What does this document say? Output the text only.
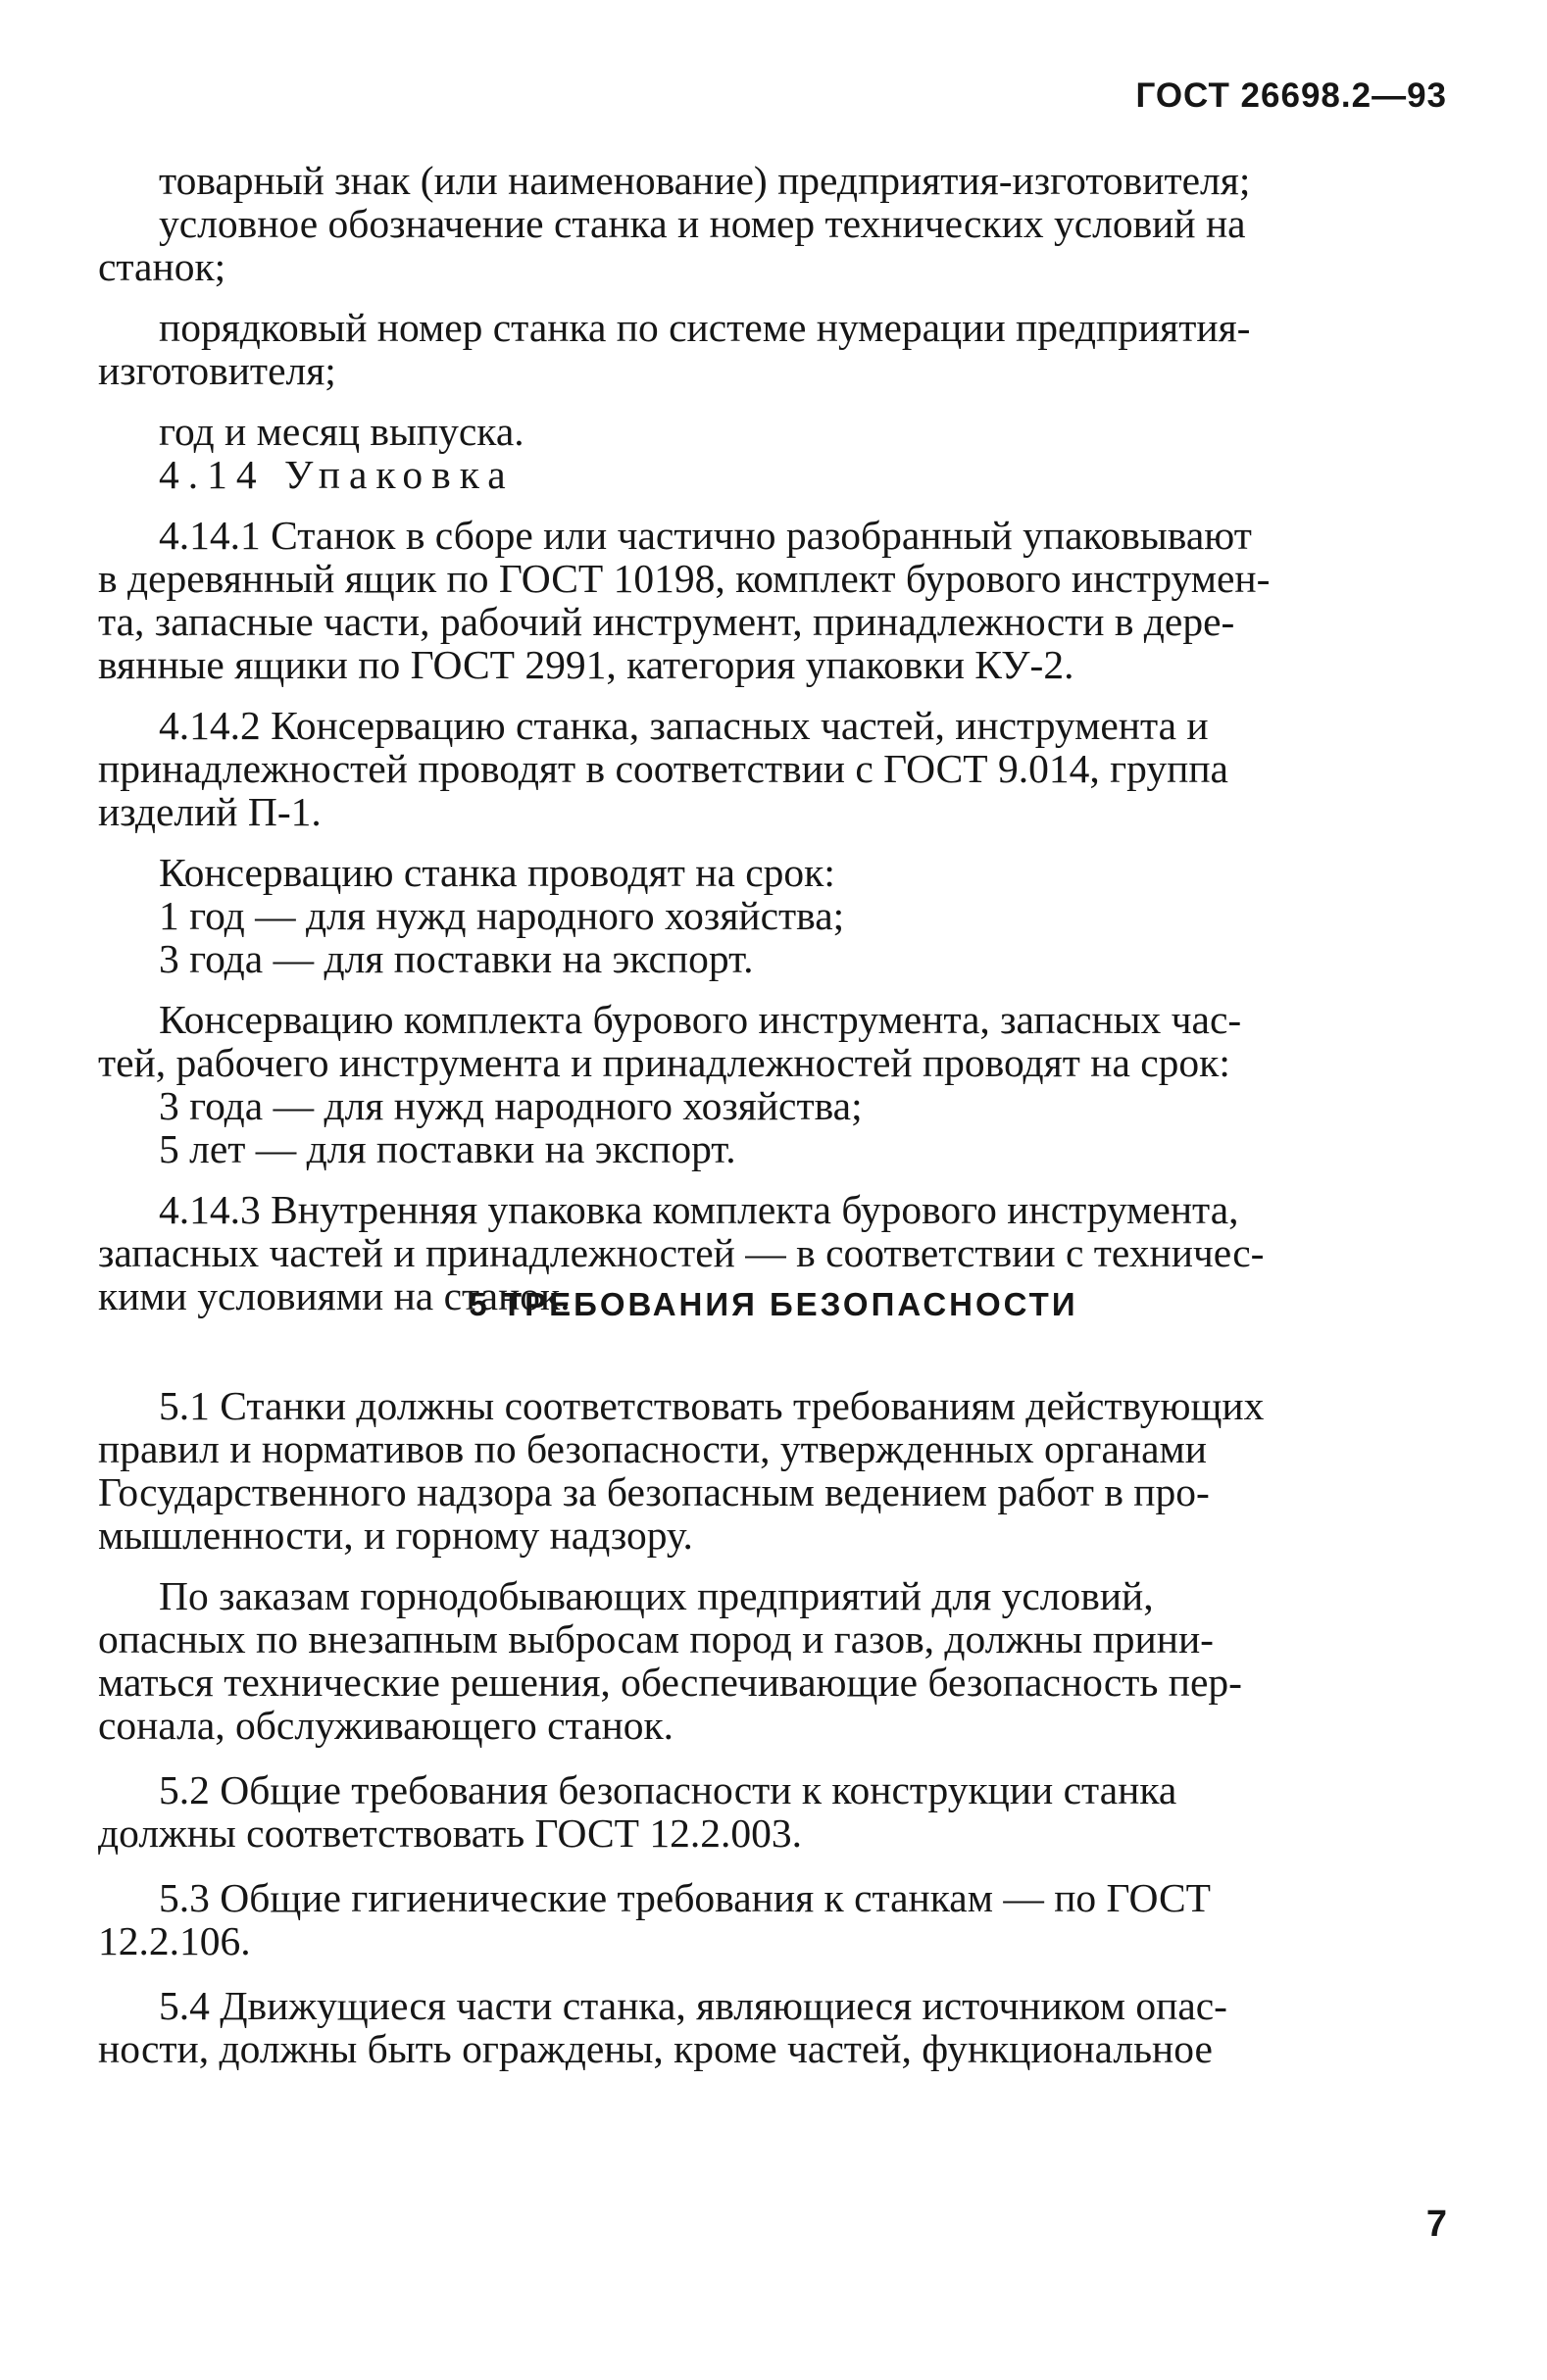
ГОСТ 26698.2—93
товарный знак (или наименование) предприятия-изготовителя;
условное обозначение станка и номер технических условий на
станок;
порядковый номер станка по системе нумерации предприятия-
изготовителя;
год и месяц выпуска.
4.14 Упаковка
4.14.1 Станок в сборе или частично разобранный упаковывают
в деревянный ящик по ГОСТ 10198, комплект бурового инструмен-
та, запасные части, рабочий инструмент, принадлежности в дере-
вянные ящики по ГОСТ 2991, категория упаковки КУ-2.
4.14.2 Консервацию станка, запасных частей, инструмента и
принадлежностей проводят в соответствии с ГОСТ 9.014, группа
изделий П-1.
Консервацию станка проводят на срок:
1 год — для нужд народного хозяйства;
3 года — для поставки на экспорт.
Консервацию комплекта бурового инструмента, запасных час-
тей, рабочего инструмента и принадлежностей проводят на срок:
3 года — для нужд народного хозяйства;
5 лет — для поставки на экспорт.
4.14.3 Внутренняя упаковка комплекта бурового инструмента,
запасных частей и принадлежностей — в соответствии с техничес-
кими условиями на станок.
5 ТРЕБОВАНИЯ БЕЗОПАСНОСТИ
5.1 Станки должны соответствовать требованиям действующих
правил и нормативов по безопасности, утвержденных органами
Государственного надзора за безопасным ведением работ в про-
мышленности, и горному надзору.
По заказам горнодобывающих предприятий для условий,
опасных по внезапным выбросам пород и газов, должны прини-
маться технические решения, обеспечивающие безопасность пер-
сонала, обслуживающего станок.
5.2 Общие требования безопасности к конструкции станка
должны соответствовать ГОСТ 12.2.003.
5.3 Общие гигиенические требования к станкам — по ГОСТ
12.2.106.
5.4 Движущиеся части станка, являющиеся источником опас-
ности, должны быть ограждены, кроме частей, функциональное
7
